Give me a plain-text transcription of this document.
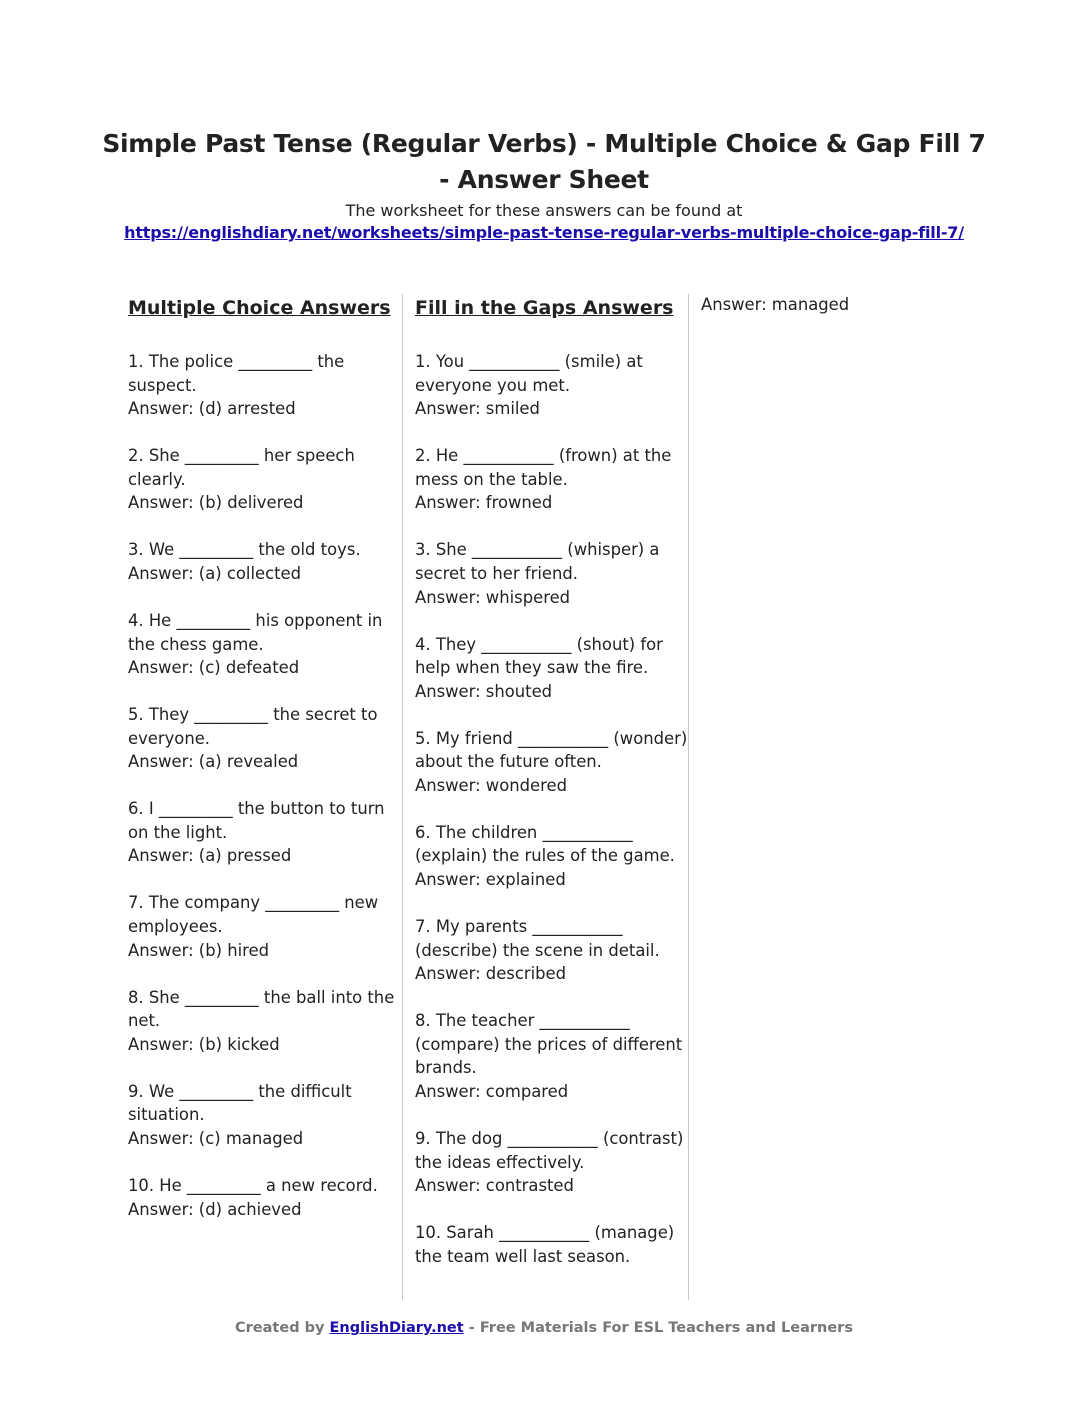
Simple Past Tense (Regular Verbs) - Multiple Choice & Gap Fill 7
- Answer Sheet
The worksheet for these answers can be found at
https://englishdiary.net/worksheets/simple-past-tense-regular-verbs-multiple-choice-gap-fill-7/
Multiple Choice Answers
1. The police _________ the suspect.
Answer: (d) arrested
2. She _________ her speech clearly.
Answer: (b) delivered
3. We _________ the old toys.
Answer: (a) collected
4. He _________ his opponent in the chess game.
Answer: (c) defeated
5. They _________ the secret to everyone.
Answer: (a) revealed
6. I _________ the button to turn on the light.
Answer: (a) pressed
7. The company _________ new employees.
Answer: (b) hired
8. She _________ the ball into the net.
Answer: (b) kicked
9. We _________ the difficult situation.
Answer: (c) managed
10. He _________ a new record.
Answer: (d) achieved
Fill in the Gaps Answers
1. You ___________ (smile) at everyone you met.
Answer: smiled
2. He ___________ (frown) at the mess on the table.
Answer: frowned
3. She ___________ (whisper) a secret to her friend.
Answer: whispered
4. They ___________ (shout) for help when they saw the fire.
Answer: shouted
5. My friend ___________ (wonder) about the future often.
Answer: wondered
6. The children ___________ (explain) the rules of the game.
Answer: explained
7. My parents ___________ (describe) the scene in detail.
Answer: described
8. The teacher ___________ (compare) the prices of different brands.
Answer: compared
9. The dog ___________ (contrast) the ideas effectively.
Answer: contrasted
10. Sarah ___________ (manage) the team well last season.
Answer: managed
Created by EnglishDiary.net - Free Materials For ESL Teachers and Learners
